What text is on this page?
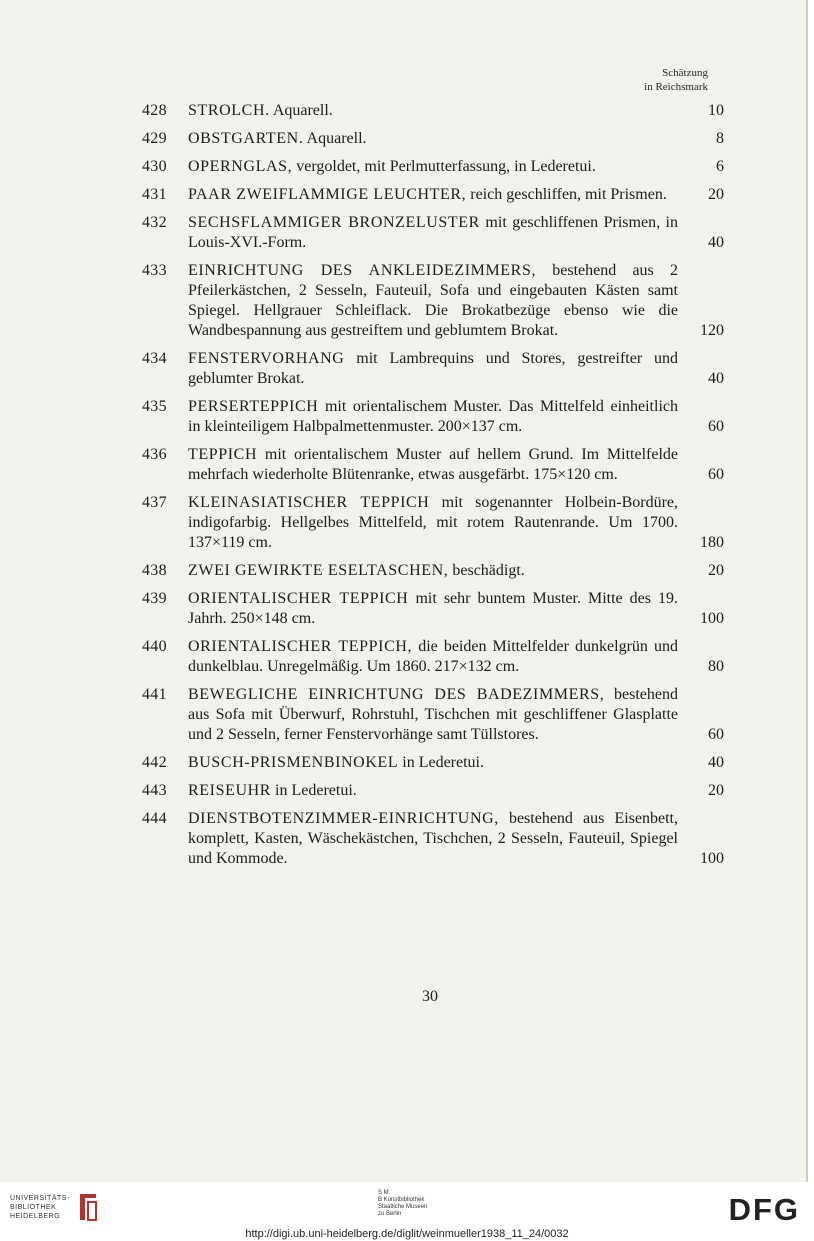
Schätzung
in Reichsmark
428	STROLCH. Aquarell.	10
429	OBSTGARTEN. Aquarell.	8
430	OPERNGLAS, vergoldet, mit Perlmutterfassung, in Lederetui.	6
431	PAAR ZWEIFLAMMIGE LEUCHTER, reich geschliffen, mit Prismen.	20
432	SECHSFLAMMIGER BRONZELUSTER mit geschliffenen Prismen, in Louis-XVI.-Form.	40
433	EINRICHTUNG DES ANKLEIDEZIMMERS, bestehend aus 2 Pfeilerkästchen, 2 Sesseln, Fauteuil, Sofa und eingebauten Kästen samt Spiegel. Hellgrauer Schleiflack. Die Brokatbezüge ebenso wie die Wandbespannung aus gestreiftem und geblumtem Brokat.	120
434	FENSTERVORHANG mit Lambrequins und Stores, gestreifter und geblumter Brokat.	40
435	PERSERTEPPICH mit orientalischem Muster. Das Mittelfeld einheitlich in kleinteiligem Halbpalmettenmuster. 200×137 cm.	60
436	TEPPICH mit orientalischem Muster auf hellem Grund. Im Mittelfelde mehrfach wiederholte Blütenranke, etwas ausgefärbt. 175×120 cm.	60
437	KLEINASIATISCHER TEPPICH mit sogenannter Holbein-Bordüre, indigofarbig. Hellgelbes Mittelfeld, mit rotem Rautenrande. Um 1700. 137×119 cm.	180
438	ZWEI GEWIRKTE ESELTASCHEN, beschädigt.	20
439	ORIENTALISCHER TEPPICH mit sehr buntem Muster. Mitte des 19. Jahrh. 250×148 cm.	100
440	ORIENTALISCHER TEPPICH, die beiden Mittelfelder dunkelgrün und dunkelblau. Unregelmäßig. Um 1860. 217×132 cm.	80
441	BEWEGLICHE EINRICHTUNG DES BADEZIMMERS, bestehend aus Sofa mit Überwurf, Rohrstuhl, Tischchen mit geschliffener Glasplatte und 2 Sesseln, ferner Fenstervorhänge samt Tüllstores.	60
442	BUSCH-PRISMENBINOKEL in Lederetui.	40
443	REISEUHR in Lederetui.	20
444	DIENSTBOTENZIMMER-EINRICHTUNG, bestehend aus Eisenbett, komplett, Kasten, Wäschekästchen, Tischchen, 2 Sesseln, Fauteuil, Spiegel und Kommode.	100
30
UNIVERSITÄTS-
BIBLIOTHEK
HEIDELBERG
S M
B Kunstbibliothek
Staatliche Museen
zu Berlin	DFG
http://digi.ub.uni-heidelberg.de/diglit/weinmueller1938_11_24/0032
